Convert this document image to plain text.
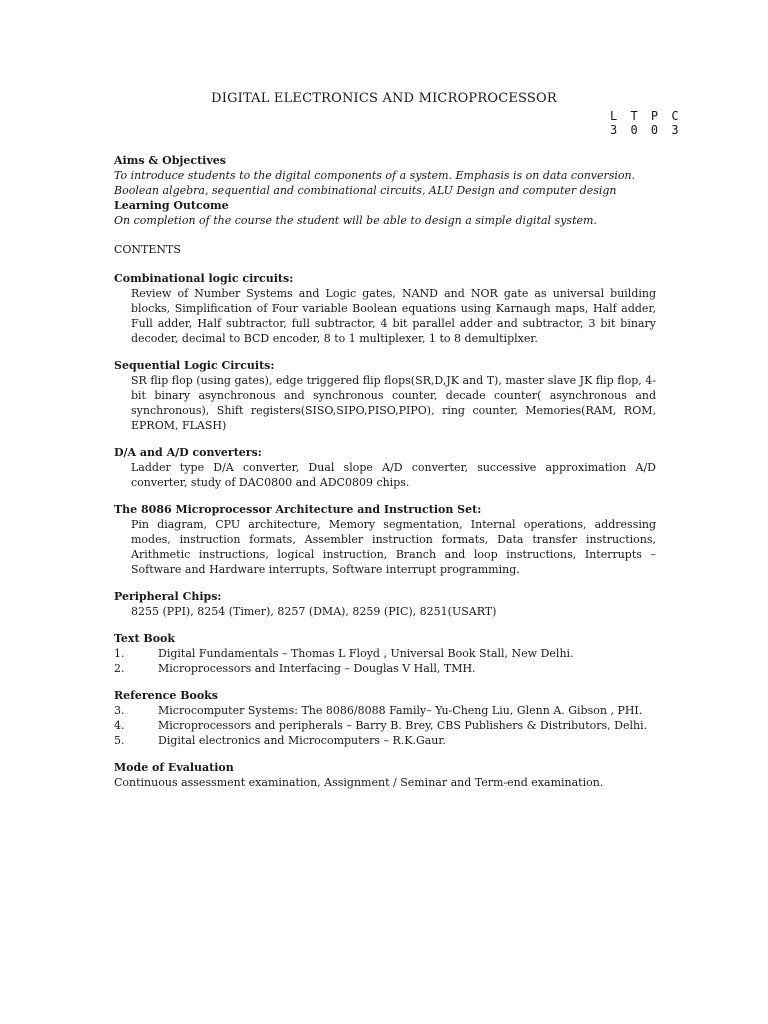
DIGITAL ELECTRONICS AND MICROPROCESSOR
L T P C
3 0 0 3
Aims & Objectives
To introduce students to the digital components of a system. Emphasis is on data conversion. Boolean algebra, sequential and combinational circuits, ALU Design and computer design
Learning Outcome
On completion of the course the student will be able to design a simple digital system.
CONTENTS
Combinational logic circuits:
Review of Number Systems and Logic gates, NAND and NOR gate as universal building blocks, Simplification of Four variable Boolean equations using Karnaugh maps, Half adder, Full adder, Half subtractor, full subtractor, 4 bit parallel adder and subtractor, 3 bit binary decoder, decimal to BCD encoder, 8 to 1 multiplexer, 1 to 8 demultiplxer.
Sequential Logic Circuits:
SR flip flop (using gates), edge triggered flip flops(SR,D,JK and T), master slave JK flip flop, 4-bit binary asynchronous and synchronous counter, decade counter( asynchronous and synchronous), Shift registers(SISO,SIPO,PISO,PIPO), ring counter, Memories(RAM, ROM, EPROM, FLASH)
D/A and A/D converters:
Ladder type D/A converter, Dual slope A/D converter, successive approximation A/D converter, study of DAC0800 and ADC0809 chips.
The 8086 Microprocessor Architecture and Instruction Set:
Pin diagram, CPU architecture, Memory segmentation, Internal operations, addressing modes, instruction formats, Assembler instruction formats, Data transfer instructions, Arithmetic instructions, logical instruction, Branch and loop instructions, Interrupts – Software and Hardware interrupts, Software interrupt programming.
Peripheral Chips:
8255 (PPI), 8254 (Timer), 8257 (DMA), 8259 (PIC), 8251(USART)
Text Book
1.	Digital Fundamentals – Thomas L Floyd , Universal Book Stall, New Delhi.
2.	Microprocessors and Interfacing – Douglas V Hall, TMH.
Reference Books
3.	Microcomputer Systems: The 8086/8088 Family– Yu-Cheng Liu, Glenn A. Gibson , PHI.
4.	Microprocessors and peripherals – Barry B. Brey, CBS Publishers & Distributors, Delhi.
5.	Digital electronics and Microcomputers – R.K.Gaur.
Mode of Evaluation
Continuous assessment examination, Assignment / Seminar and Term-end examination.
